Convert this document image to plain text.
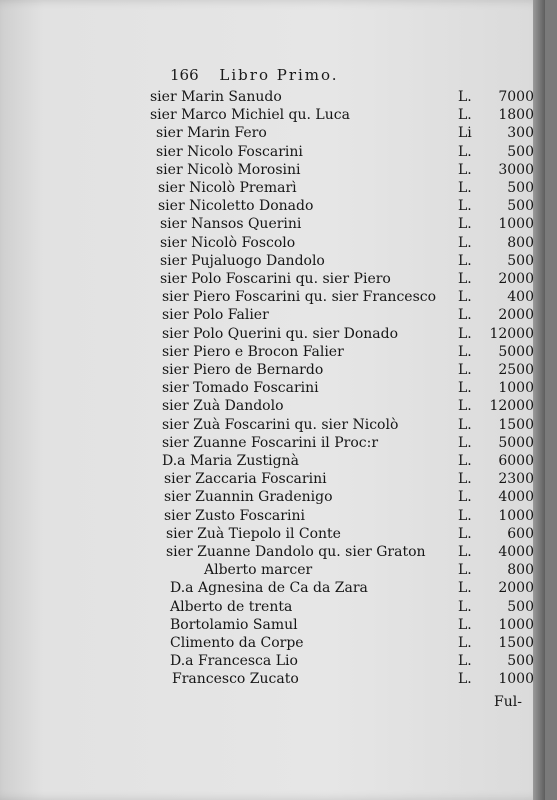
166 Libro Primo.
sier Marin Sanudo	L.	7000
sier Marco Michiel qu. Luca	L.	1800
sier Marin Fero	Li	300
sier Nicolo Foscarini	L.	500
sier Nicolò Morosini	L.	3000
sier Nicolò Premarì	L.	500
sier Nicoletto Donado	L.	500
sier Nansos Querini	L.	1000
sier Nicolò Foscolo	L.	800
sier Pujaluogo Dandolo	L.	500
sier Polo Foscarini qu. sier Piero	L.	2000
sier Piero Foscarini qu. sier Francesco L.	400
sier Polo Falier	L.	2000
sier Polo Querini qu. sier Donado	L.	12000
sier Piero e Brocon Falier	L.	5000
sier Piero de Bernardo	L.	2500
sier Tomado Foscarini	L.	1000
sier Zuà Dandolo	L.	12000
sier Zuà Foscarini qu. sier Nicolò	L.	1500
sier Zuanne Foscarini il Proc:r	L.	5000
D.a Maria Zustignà	L.	6000
sier Zaccaria Foscarini	L.	2300
sier Zuannin Gradenigo	L.	4000
sier Zusto Foscarini	L.	1000
sier Zuà Tiepolo il Conte	L.	600
sier Zuanne Dandolo qu. sier Graton L.	4000
Alberto marcer	L.	800
D.a Agnesina de Ca da Zara	L.	2000
Alberto de trenta	L.	500
Bortolamio Samul	L.	1000
Climento da Corpe	L.	1500
D.a Francesca Lio	L.	500
Francesco Zucato	L.	1000
Ful-
